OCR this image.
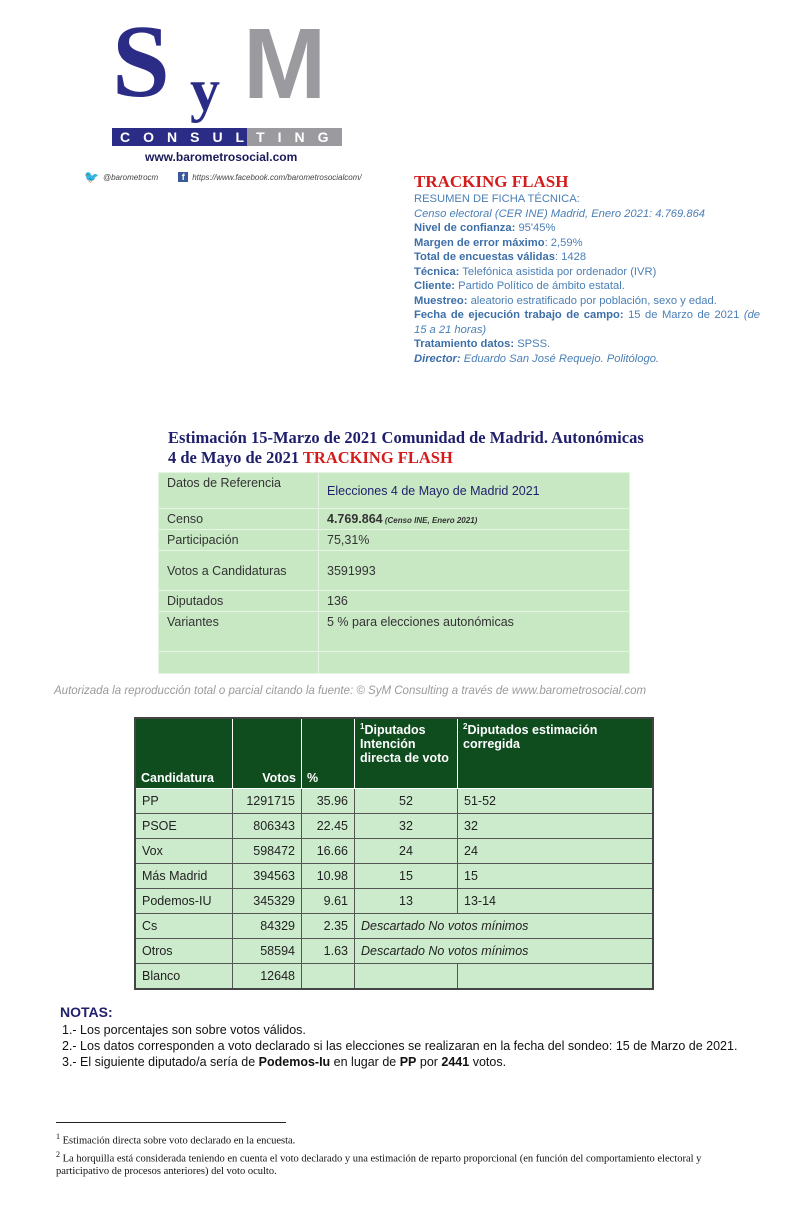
S y M
CONSULTING
www.barometrosocial.com
🐦 @barometrocm	f https://www.facebook.com/barometrosocialcom/	TRACKING FLASH
RESUMEN DE FICHA TÉCNICA:
Censo electoral (CER INE) Madrid, Enero 2021: 4.769.864
Nivel de confianza: 95'45%
Margen de error máximo: 2,59%
Total de encuestas válidas: 1428
Técnica: Telefónica asistida por ordenador (IVR)
Cliente: Partido Político de ámbito estatal.
Muestreo: aleatorio estratificado por población, sexo y edad.
Fecha de ejecución trabajo de campo: 15 de Marzo de 2021 (de 15 a 21 horas)
Tratamiento datos: SPSS.
Director: Eduardo San José Requejo. Politólogo.
Estimación 15-Marzo de 2021 Comunidad de Madrid. Autonómicas
4 de Mayo de 2021 TRACKING FLASH
Datos de Referencia	Elecciones 4 de Mayo de Madrid 2021
Censo	4.769.864 (Censo INE, Enero 2021)
Participación	75,31%
Votos a Candidaturas	3591993
Diputados	136
Variantes	5 % para elecciones autonómicas

Autorizada la reproducción total o parcial citando la fuente: © SyM Consulting a través de www.barometrosocial.com
Candidatura	Votos	%	$^1$Diputados Intención directa de voto	$^2$Diputados estimación corregida
PP	1291715	35.96	52	51-52
PSOE	806343	22.45	32	32
Vox	598472	16.66	24	24
Más Madrid	394563	10.98	15	15
Podemos-IU	345329	9.61	13	13-14
Cs	84329	2.35	Descartado No votos mínimos	
Otros	58594	1.63	Descartado No votos mínimos	
Blanco	12648			
NOTAS:
1.- Los porcentajes son sobre votos válidos.
2.- Los datos corresponden a voto declarado si las elecciones se realizaran en la fecha del sondeo: 15 de Marzo de 2021.
3.- El siguiente diputado/a sería de Podemos-Iu en lugar de PP por 2441 votos.
$^1$ Estimación directa sobre voto declarado en la encuesta.
$^2$ La horquilla está considerada teniendo en cuenta el voto declarado y una estimación de reparto proporcional (en función del comportamiento electoral y participativo de procesos anteriores) del voto oculto.
